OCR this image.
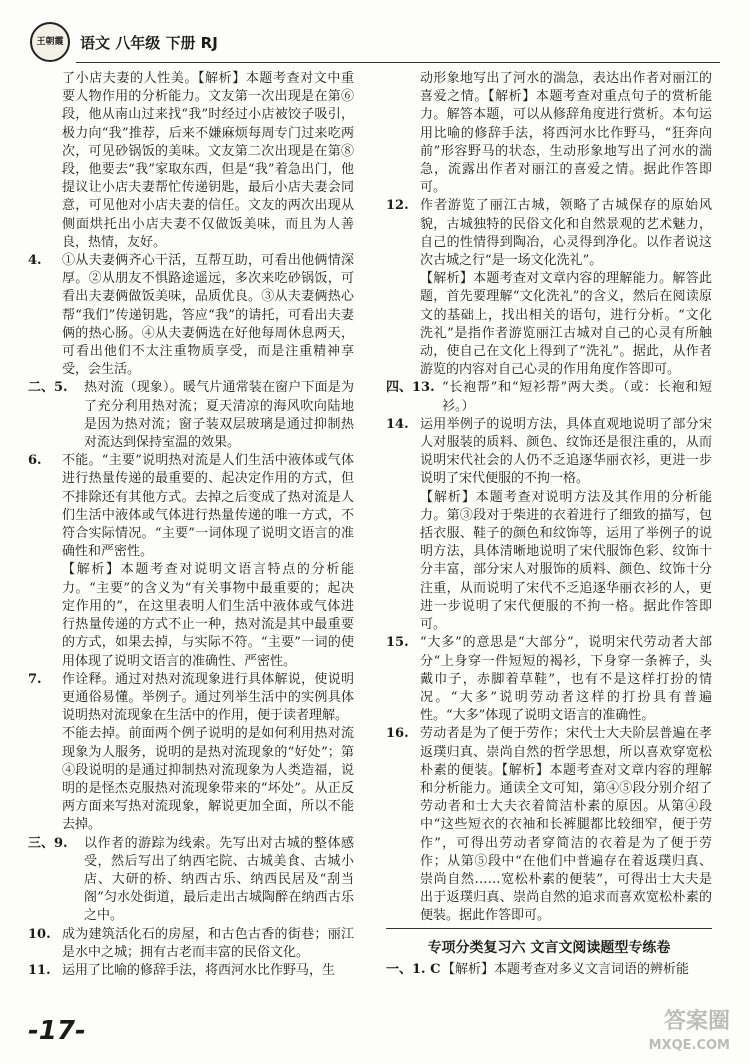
王朝霞	语文 八年级 下册 RJ
了小店夫妻的人性美。【解析】本题考查对文中重要人物作用的分析能力。文友第一次出现是在第⑥段，他从南山过来找“我”时经过小店被饺子吸引，极力向“我”推荐，后来不嫌麻烦每周专门过来吃两次，可见砂锅饭的美味。文友第二次出现是在第⑧段，他要去“我”家取东西，但是“我”着急出门，他提议让小店夫妻帮忙传递钥匙，最后小店夫妻会同意，可见他对小店夫妻的信任。文友的两次出现从侧面烘托出小店夫妻不仅做饭美味，而且为人善良，热情，友好。
4.	①从夫妻俩齐心干活，互帮互助，可看出他俩情深厚。②从朋友不惧路途遥远，多次来吃砂锅饭，可看出夫妻俩做饭美味，品质优良。③从夫妻俩热心帮“我们”传递钥匙，答应“我”的请托，可看出夫妻俩的热心肠。④从夫妻俩选在好他每周休息两天，可看出他们不太注重物质享受，而是注重精神享受，会生活。
二、5.	热对流（现象）。暖气片通常装在窗户下面是为了充分利用热对流；夏天清凉的海风吹向陆地是因为热对流；窗子装双层玻璃是通过抑制热对流达到保持室温的效果。
6.	不能。“主要”说明热对流是人们生活中液体或气体进行热量传递的最重要的、起决定作用的方式，但不排除还有其他方式。去掉之后变成了热对流是人们生活中液体或气体进行热量传递的唯一方式，不符合实际情况。“主要”一词体现了说明文语言的准确性和严密性。
【解析】本题考查对说明文语言特点的分析能力。“主要”的含义为“有关事物中最重要的；起决定作用的”，在这里表明人们生活中液体或气体进行热量传递的方式不止一种，热对流是其中最重要的方式，如果去掉，与实际不符。“主要”一词的使用体现了说明文语言的准确性、严密性。
7.	作诠释。通过对热对流现象进行具体解说，使说明更通俗易懂。举例子。通过列举生活中的实例具体说明热对流现象在生活中的作用，便于读者理解。
不能去掉。前面两个例子说明的是如何利用热对流现象为人服务，说明的是热对流现象的“好处”；第④段说明的是通过抑制热对流现象为人类造福，说明的是怪杰克服热对流现象带来的“坏处”。从正反两方面来写热对流现象，解说更加全面，所以不能去掉。
三、9.	以作者的游踪为线索。先写出对古城的整体感受，然后写出了纳西宅院、古城美食、古城小店、大研的桥、纳西古乐、纳西民居及“刮当阁”匀水处街道，最后走出古城陶醉在纳西古乐之中。
10. 成为建筑活化石的房屋，和古色古香的街巷；丽江是水中之城；拥有古老而丰富的民俗文化。
11. 运用了比喻的修辞手法，将西河水比作野马，生
动形象地写出了河水的湍急，表达出作者对丽江的喜爱之情。【解析】本题考查对重点句子的赏析能力。解答本题，可以从修辞角度进行赏析。本句运用比喻的修辞手法，将西河水比作野马，“狂奔向前”形容野马的状态，生动形象地写出了河水的湍急，流露出作者对丽江的喜爱之情。据此作答即可。
12. 作者游览了丽江古城，领略了古城保存的原始风貌，古城独特的民俗文化和自然景观的艺术魅力，自己的性情得到陶冶，心灵得到净化。以作者说这次古城之行“是一场文化洗礼”。
【解析】本题考查对文章内容的理解能力。解答此题，首先要理解“文化洗礼”的含义，然后在阅读原文的基础上，找出相关的语句，进行分析。“文化洗礼”是指作者游览丽江古城对自己的心灵有所触动，使自己在文化上得到了“洗礼”。据此，从作者游览的内容对自己心灵的作用角度作答即可。
四、13. “长袍帮”和“短衫帮”两大类。（或：长袍和短衫。）
14. 运用举例子的说明方法，具体直观地说明了部分宋人对服装的质料、颜色、纹饰还是很注重的，从而说明宋代社会的人仍不乏追逐华丽衣衫，更进一步说明了宋代便服的不拘一格。
【解析】本题考查对说明方法及其作用的分析能力。第③段对于柴进的衣着进行了细致的描写，包括衣服、鞋子的颜色和纹饰等，运用了举例子的说明方法，具体清晰地说明了宋代服饰色彩、纹饰十分丰富，部分宋人对服饰的质料、颜色、纹饰十分注重，从而说明了宋代不乏追逐华丽衣衫的人，更进一步说明了宋代便服的不拘一格。据此作答即可。
15. “大多”的意思是“大部分”，说明宋代劳动者大部分“上身穿一件短短的褐衫，下身穿一条裤子，头戴巾子，赤脚着草鞋”，也有不是这样打扮的情况。“大多”说明劳动者这样的打扮具有普遍性。“大多”体现了说明文语言的准确性。
16. 劳动者是为了便于劳作；宋代士大夫阶层普遍在孝返璞归真、崇尚自然的哲学思想，所以喜欢穿宽松朴素的便装。【解析】本题考查对文章内容的理解和分析能力。通读全文可知，第④⑤段分别介绍了劳动者和士大夫衣着简洁朴素的原因。从第④段中“这些短衣的衣袖和长裤腿都比较细窄，便于劳作”，可得出劳动者穿简洁的衣着是为了便于劳作；从第⑤段中“在他们中普遍存在着返璞归真、崇尚自然……宽松朴素的便装”，可得出士大夫是出于返璞归真、崇尚自然的追求而喜欢宽松朴素的便装。据此作答即可。
专项分类复习六 文言文阅读题型专练卷
一、1. C 【解析】本题考查对多义文言词语的辨析能
-17-	答案圈
MXQE.COM
